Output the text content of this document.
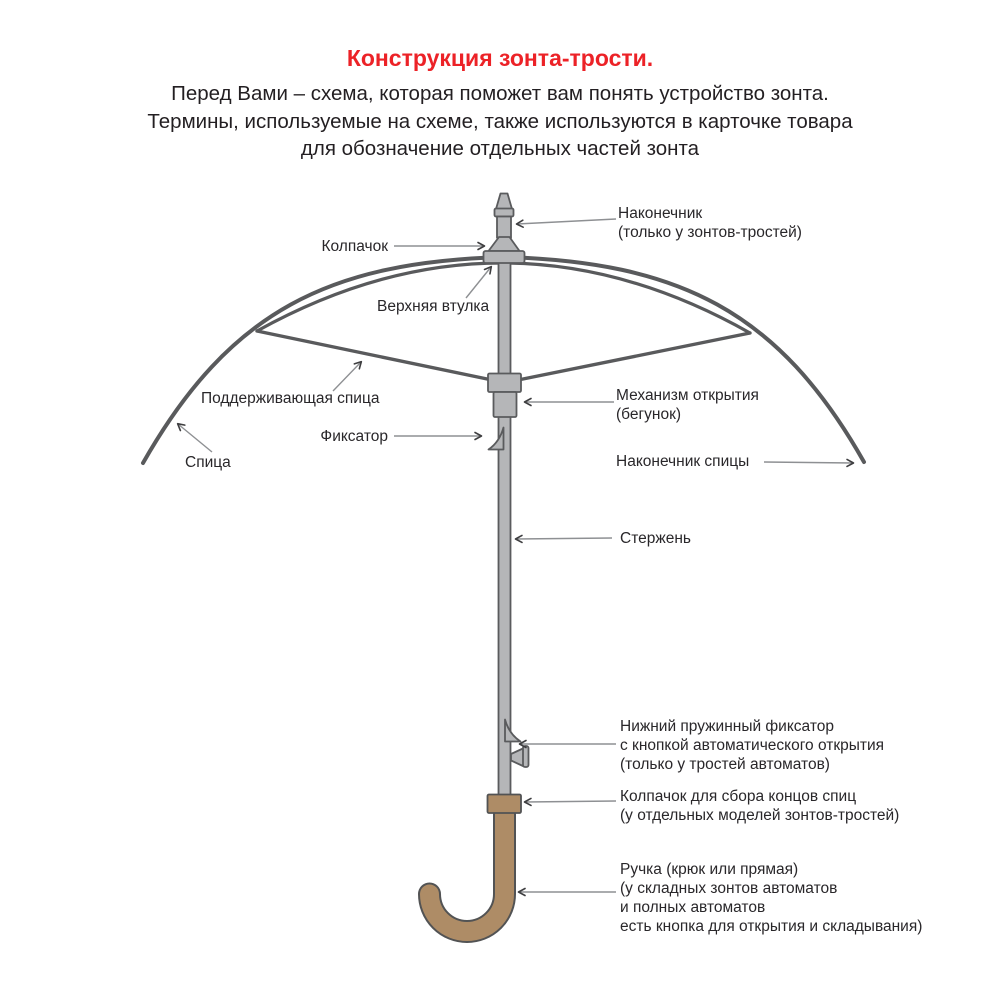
Конструкция зонта-трости.
Перед Вами – схема, которая поможет вам понять устройство зонта.
Термины, используемые на схеме, также используются в карточке товара
для обозначение отдельных частей зонта
Наконечник
(только у зонтов-тростей)
Колпачок
Верхняя втулка
Поддерживающая спица
Спица
Фиксатор
Механизм открытия
(бегунок)
Наконечник спицы
Стержень
Нижний пружинный фиксатор
с кнопкой автоматического открытия
(только у тростей автоматов)
Колпачок для сбора концов спиц
(у отдельных моделей зонтов-тростей)
Ручка (крюк или прямая)
(у складных зонтов автоматов
и полных автоматов
есть кнопка для открытия и складывания)
